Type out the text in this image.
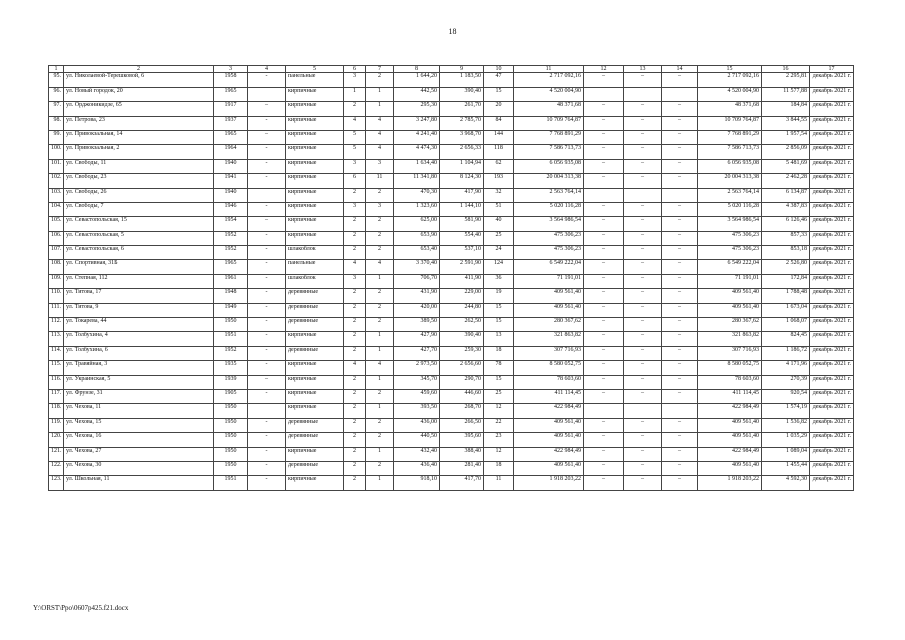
18
1	2	3	4	5	6	7	8	9	10	11	12	13	14	15	16	17
95.	ул. Николаевой-Терешковой, 6	1958	-	панельные	3	2	1 644,20	1 183,50	47	2 717 092,16	–	–	–	2 717 092,16	2 295,81	декабрь 2021 г.
96.	ул. Новый городок, 20	1965		кирпичные	1	1	442,50	390,40	15	4 520 004,90				4 520 004,90	11 577,88	декабрь 2021 г.
97.	ул. Орджоникидзе, 65	1917	–	кирпичные	2	1	295,30	261,70	20	48 371,68	–	–	–	48 371,68	184,84	декабрь 2021 г.
98.	ул. Петрова, 23	1937	-	кирпичные	4	4	3 247,80	2 785,70	84	10 709 764,87	–	–	–	10 709 764,87	3 844,55	декабрь 2021 г.
99.	ул. Привокзальная, 14	1965	–	кирпичные	5	4	4 241,40	3 968,70	144	7 768 891,29	–	–	–	7 768 891,29	1 957,54	декабрь 2021 г.
100.	ул. Привокзальная, 2	1964	-	кирпичные	5	4	4 474,30	2 656,33	118	7 586 713,73	–	–	–	7 586 713,73	2 856,09	декабрь 2021 г.
101.	ул. Свободы, 11	1940	-	кирпичные	3	3	1 634,40	1 104,94	62	6 056 935,08	–	–	–	6 056 935,08	5 481,69	декабрь 2021 г.
102.	ул. Свободы, 23	1941	-	кирпичные	6	11	11 341,80	8 124,30	193	20 004 313,38	–	–	–	20 004 313,38	2 462,28	декабрь 2021 г.
103.	ул. Свободы, 26	1940		кирпичные	2	2	470,30	417,90	32	2 563 764,14				2 563 764,14	6 134,87	декабрь 2021 г.
104.	ул. Свободы, 7	1946	-	кирпичные	3	3	1 323,60	1 144,10	51	5 020 116,28	–	–	–	5 020 116,28	4 387,83	декабрь 2021 г.
105.	ул. Севастопольская, 15	1954	–	кирпичные	2	2	625,00	581,90	40	3 564 986,54	–	–	–	3 564 986,54	6 126,46	декабрь 2021 г.
106.	ул. Севастопольская, 5	1952	-	кирпичные	2	2	653,90	554,40	25	475 306,23	–	–	–	475 306,23	857,33	декабрь 2021 г.
107.	ул. Севастопольская, 6	1952	-	шлакоблок	2	2	653,40	537,10	24	475 306,23	–	–	–	475 306,23	853,18	декабрь 2021 г.
108.	ул. Спортивная, 31Б	1965	-	панельные	4	4	3 370,40	2 591,90	124	6 549 222,04	–	–	–	6 549 222,04	2 526,80	декабрь 2021 г.
109.	ул. Степная, 112	1961	-	шлакоблок	3	1	706,70	411,90	36	71 191,01	–	–	–	71 191,01	172,84	декабрь 2021 г.
110.	ул. Титова, 17	1948	-	деревянные	2	2	431,90	229,00	19	409 561,40	–	–	–	409 561,40	1 788,48	декабрь 2021 г.
111.	ул. Титова, 9	1949	-	деревянные	2	2	420,00	244,80	15	409 561,40	–	–	–	409 561,40	1 673,04	декабрь 2021 г.
112.	ул. Токарева, 44	1950	-	деревянные	2	2	389,50	262,50	15	280 367,62	–	–	–	280 367,62	1 068,07	декабрь 2021 г.
113.	ул. Толбухина, 4	1951	-	кирпичные	2	1	427,90	390,40	13	321 863,82	–	–	–	321 863,82	824,45	декабрь 2021 г.
114.	ул. Толбухина, 6	1952	-	деревянные	2	1	427,70	259,30	18	307 716,93	–	–	–	307 716,93	1 186,72	декабрь 2021 г.
115.	ул. Травяйная, 3	1935	-	кирпичные	4	4	2 973,50	2 656,60	78	8 580 052,75	–	–	–	8 580 052,75	4 171,96	декабрь 2021 г.
116.	ул. Украинская, 5	1939	–	кирпичные	2	1	345,70	290,70	15	78 603,60	–	–	–	78 603,60	270,39	декабрь 2021 г.
117.	ул. Фрунзе, 31	1905	-	кирпичные	2	2	459,60	446,60	25	411 114,45	–	–	–	411 114,45	920,54	декабрь 2021 г.
118.	ул. Чехова, 11	1950		кирпичные	2	1	393,50	268,70	12	422 984,49				422 984,49	1 574,19	декабрь 2021 г.
119.	ул. Чехова, 15	1950	-	деревянные	2	2	436,00	266,50	22	409 561,40	–	–	–	409 561,40	1 536,82	декабрь 2021 г.
120.	ул. Чехова, 16	1950	-	деревянные	2	2	440,50	395,60	23	409 561,40	–	–	–	409 561,40	1 035,29	декабрь 2021 г.
121.	ул. Чехова, 27	1950	-	кирпичные	2	1	432,40	388,40	12	422 984,49	–	–	–	422 984,49	1 089,04	декабрь 2021 г.
122.	ул. Чехова, 30	1950	-	деревянные	2	2	436,40	281,40	18	409 561,40	–	–	–	409 561,40	1 455,44	декабрь 2021 г.
123.	ул. Школьная, 11	1951	-	кирпичные	2	1	918,10	417,70	11	1 918 203,22	–	–	–	1 918 203,22	4 592,30	декабрь 2021 г.
Y:\ORST\Ppo\0607p425.f21.docx
